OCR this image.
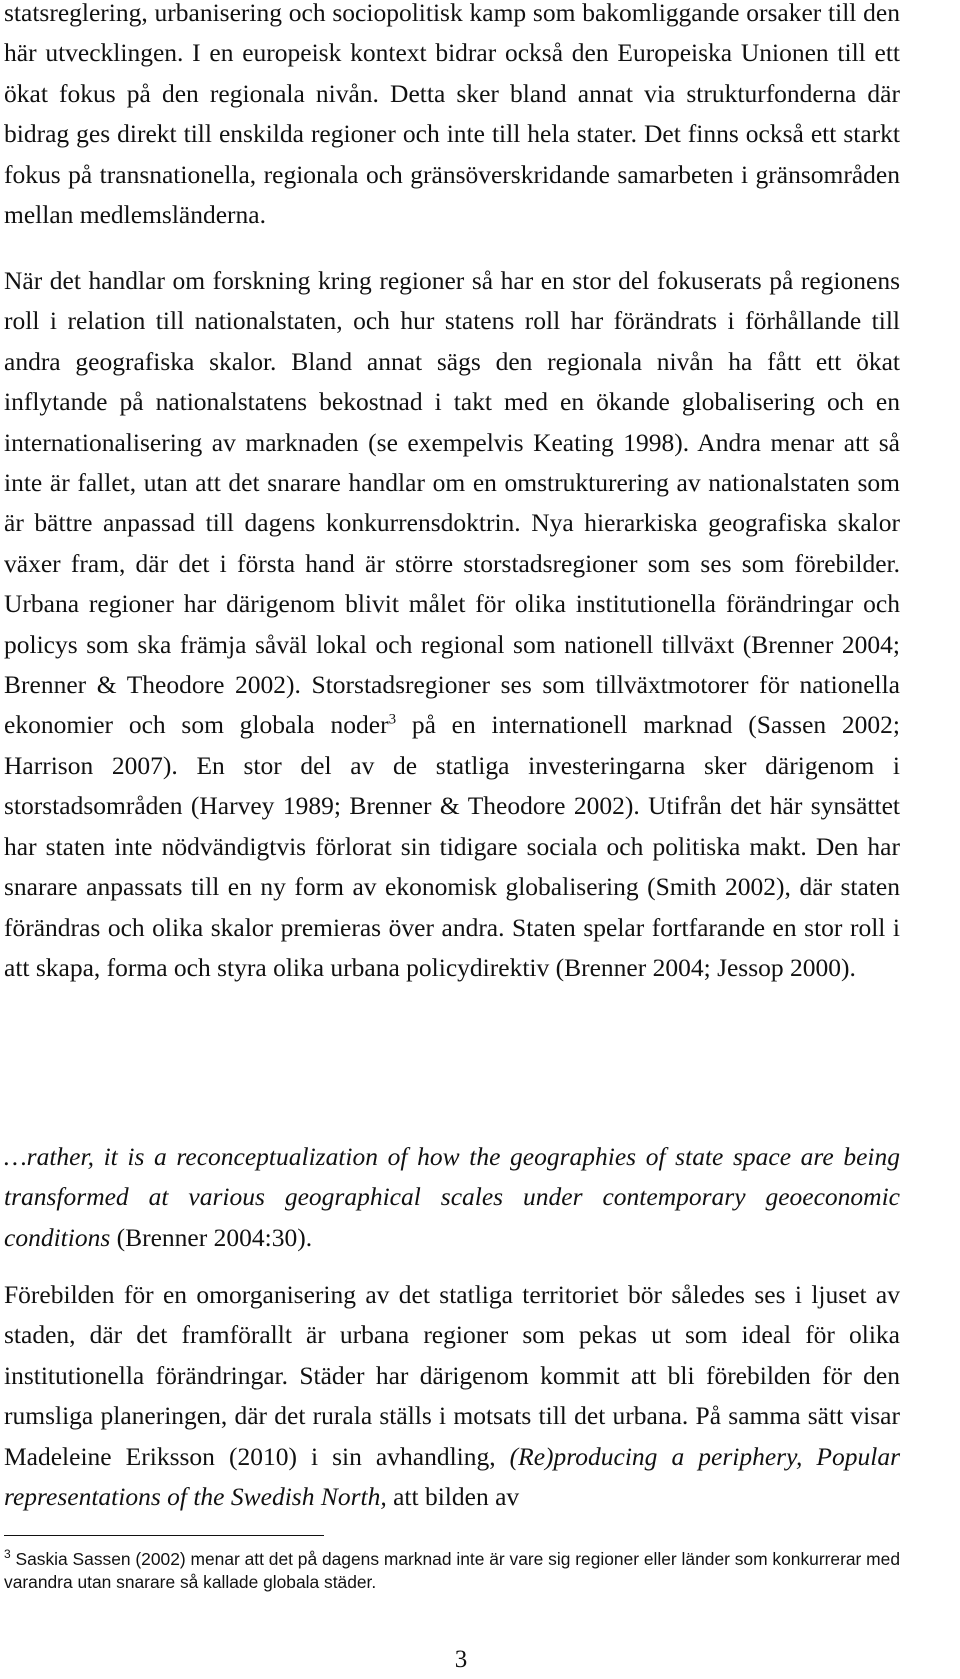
statsreglering, urbanisering och sociopolitisk kamp som bakomliggande orsaker till den här utvecklingen. I en europeisk kontext bidrar också den Europeiska Unionen till ett ökat fokus på den regionala nivån. Detta sker bland annat via strukturfonderna där bidrag ges direkt till enskilda regioner och inte till hela stater. Det finns också ett starkt fokus på transnationella, regionala och gränsöverskridande samarbeten i gränsområden mellan medlemsländerna.

När det handlar om forskning kring regioner så har en stor del fokuserats på regionens roll i relation till nationalstaten, och hur statens roll har förändrats i förhållande till andra geografiska skalor. Bland annat sägs den regionala nivån ha fått ett ökat inflytande på nationalstatens bekostnad i takt med en ökande globalisering och en internationalisering av marknaden (se exempelvis Keating 1998). Andra menar att så inte är fallet, utan att det snarare handlar om en omstrukturering av nationalstaten som är bättre anpassad till dagens konkurrensdoktrin. Nya hierarkiska geografiska skalor växer fram, där det i första hand är större storstadsregioner som ses som förebilder. Urbana regioner har därigenom blivit målet för olika institutionella förändringar och policys som ska främja såväl lokal och regional som nationell tillväxt (Brenner 2004; Brenner & Theodore 2002). Storstadsregioner ses som tillväxtmotorer för nationella ekonomier och som globala noder$^3$ på en internationell marknad (Sassen 2002; Harrison 2007). En stor del av de statliga investeringarna sker därigenom i storstadsområden (Harvey 1989; Brenner & Theodore 2002). Utifrån det här synsättet har staten inte nödvändigtvis förlorat sin tidigare sociala och politiska makt. Den har snarare anpassats till en ny form av ekonomisk globalisering (Smith 2002), där staten förändras och olika skalor premieras över andra. Staten spelar fortfarande en stor roll i att skapa, forma och styra olika urbana policydirektiv (Brenner 2004; Jessop 2000).

…rather, it is a reconceptualization of how the geographies of state space are being transformed at various geographical scales under contemporary geoeconomic conditions (Brenner 2004:30).

Förebilden för en omorganisering av det statliga territoriet bör således ses i ljuset av staden, där det framförallt är urbana regioner som pekas ut som ideal för olika institutionella förändringar. Städer har därigenom kommit att bli förebilden för den rumsliga planeringen, där det rurala ställs i motsats till det urbana. På samma sätt visar Madeleine Eriksson (2010) i sin avhandling, (Re)producing a periphery, Popular representations of the Swedish North, att bilden av

$^3$ Saskia Sassen (2002) menar att det på dagens marknad inte är vare sig regioner eller länder som konkurrerar med varandra utan snarare så kallade globala städer.

3
